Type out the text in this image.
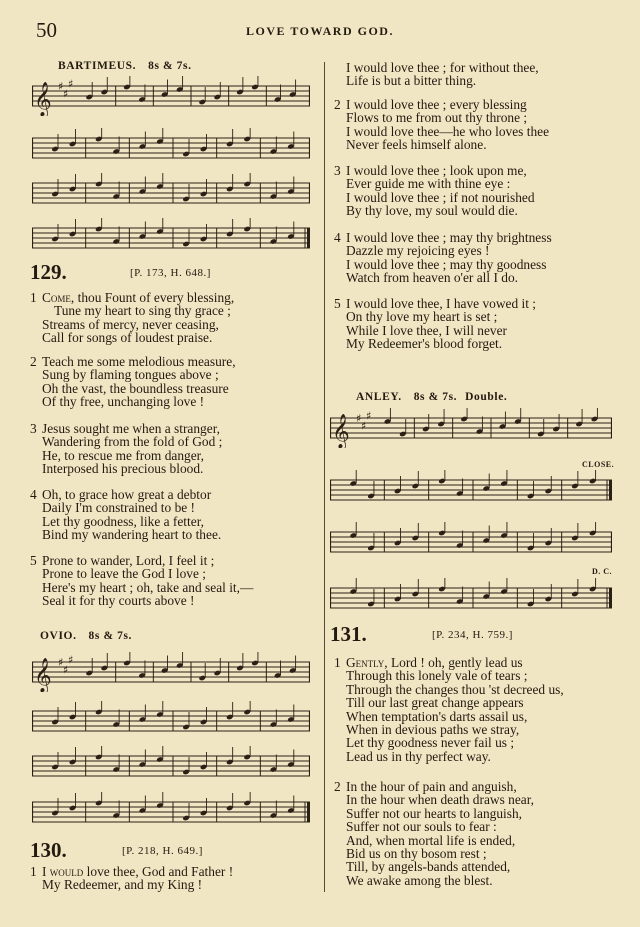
50	LOVE TOWARD GOD.
BARTIMEUS. 8s & 7s.
𝄞 ♯
♯
♯
129.	[P. 173, H. 648.]
1 Come, thou Fount of every blessing,
Tune my heart to sing thy grace ;
Streams of mercy, never ceasing,
Call for songs of loudest praise.
2 Teach me some melodious measure,
Sung by flaming tongues above ;
Oh the vast, the boundless treasure
Of thy free, unchanging love !
3 Jesus sought me when a stranger,
Wandering from the fold of God ;
He, to rescue me from danger,
Interposed his precious blood.
4 Oh, to grace how great a debtor
Daily I'm constrained to be !
Let thy goodness, like a fetter,
Bind my wandering heart to thee.
5 Prone to wander, Lord, I feel it ;
Prone to leave the God I love ;
Here's my heart ; oh, take and seal it,—
Seal it for thy courts above !
OVIO. 8s & 7s.
𝄞 ♯
♯
♯
130.	[P. 218, H. 649.]
1 I would love thee, God and Father !
My Redeemer, and my King !
I would love thee ; for without thee,
Life is but a bitter thing.
2 I would love thee ; every blessing
Flows to me from out thy throne ;
I would love thee—he who loves thee
Never feels himself alone.
3 I would love thee ; look upon me,
Ever guide me with thine eye :
I would love thee ; if not nourished
By thy love, my soul would die.
4 I would love thee ; may thy brightness
Dazzle my rejoicing eyes !
I would love thee ; may thy goodness
Watch from heaven o'er all I do.
5 I would love thee, I have vowed it ;
On thy love my heart is set ;
While I love thee, I will never
My Redeemer's blood forget.
ANLEY. 8s & 7s. Double.
𝄞 ♯
♯
♯
CLOSE.
D. C.
131.	[P. 234, H. 759.]
1 Gently, Lord ! oh, gently lead us
Through this lonely vale of tears ;
Through the changes thou 'st decreed us,
Till our last great change appears
When temptation's darts assail us,
When in devious paths we stray,
Let thy goodness never fail us ;
Lead us in thy perfect way.
2 In the hour of pain and anguish,
In the hour when death draws near,
Suffer not our hearts to languish,
Suffer not our souls to fear :
And, when mortal life is ended,
Bid us on thy bosom rest ;
Till, by angels-bands attended,
We awake among the blest.
